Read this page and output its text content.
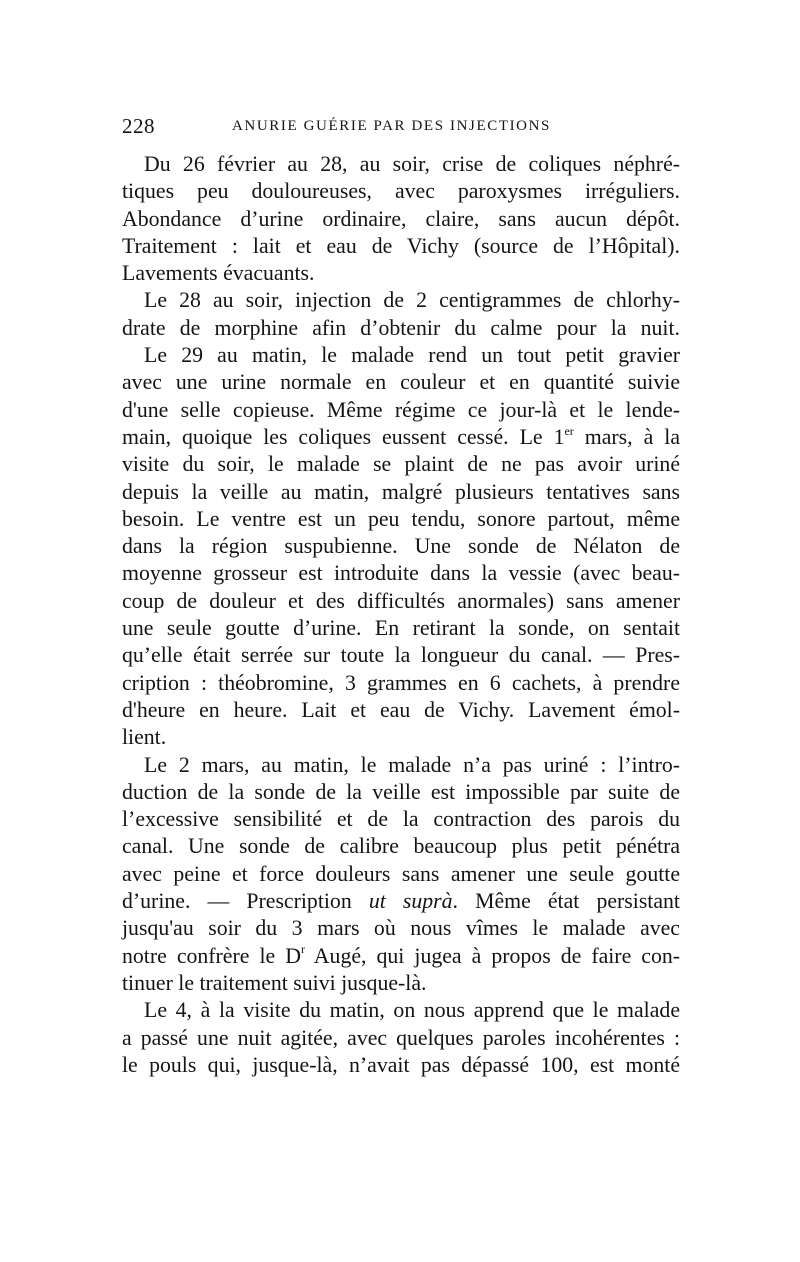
228	ANURIE GUÉRIE PAR DES INJECTIONS
Du 26 février au 28, au soir, crise de coliques néphré-
tiques peu douloureuses, avec paroxysmes irréguliers.
Abondance d’urine ordinaire, claire, sans aucun dépôt.
Traitement : lait et eau de Vichy (source de l’Hôpital).
Lavements évacuants.
Le 28 au soir, injection de 2 centigrammes de chlorhy-
drate de morphine afin d’obtenir du calme pour la nuit.
Le 29 au matin, le malade rend un tout petit gravier
avec une urine normale en couleur et en quantité suivie
d'une selle copieuse. Même régime ce jour-là et le lende-
main, quoique les coliques eussent cessé. Le 1er mars, à la
visite du soir, le malade se plaint de ne pas avoir uriné
depuis la veille au matin, malgré plusieurs tentatives sans
besoin. Le ventre est un peu tendu, sonore partout, même
dans la région suspubienne. Une sonde de Nélaton de
moyenne grosseur est introduite dans la vessie (avec beau-
coup de douleur et des difficultés anormales) sans amener
une seule goutte d’urine. En retirant la sonde, on sentait
qu’elle était serrée sur toute la longueur du canal. — Pres-
cription : théobromine, 3 grammes en 6 cachets, à prendre
d'heure en heure. Lait et eau de Vichy. Lavement émol-
lient.
Le 2 mars, au matin, le malade n’a pas uriné : l’intro-
duction de la sonde de la veille est impossible par suite de
l’excessive sensibilité et de la contraction des parois du
canal. Une sonde de calibre beaucoup plus petit pénétra
avec peine et force douleurs sans amener une seule goutte
d’urine. — Prescription ut suprà. Même état persistant
jusqu'au soir du 3 mars où nous vîmes le malade avec
notre confrère le $D^r$ Augé, qui jugea à propos de faire con-
tinuer le traitement suivi jusque-là.
Le 4, à la visite du matin, on nous apprend que le malade
a passé une nuit agitée, avec quelques paroles incohérentes :
le pouls qui, jusque-là, n’avait pas dépassé 100, est monté
